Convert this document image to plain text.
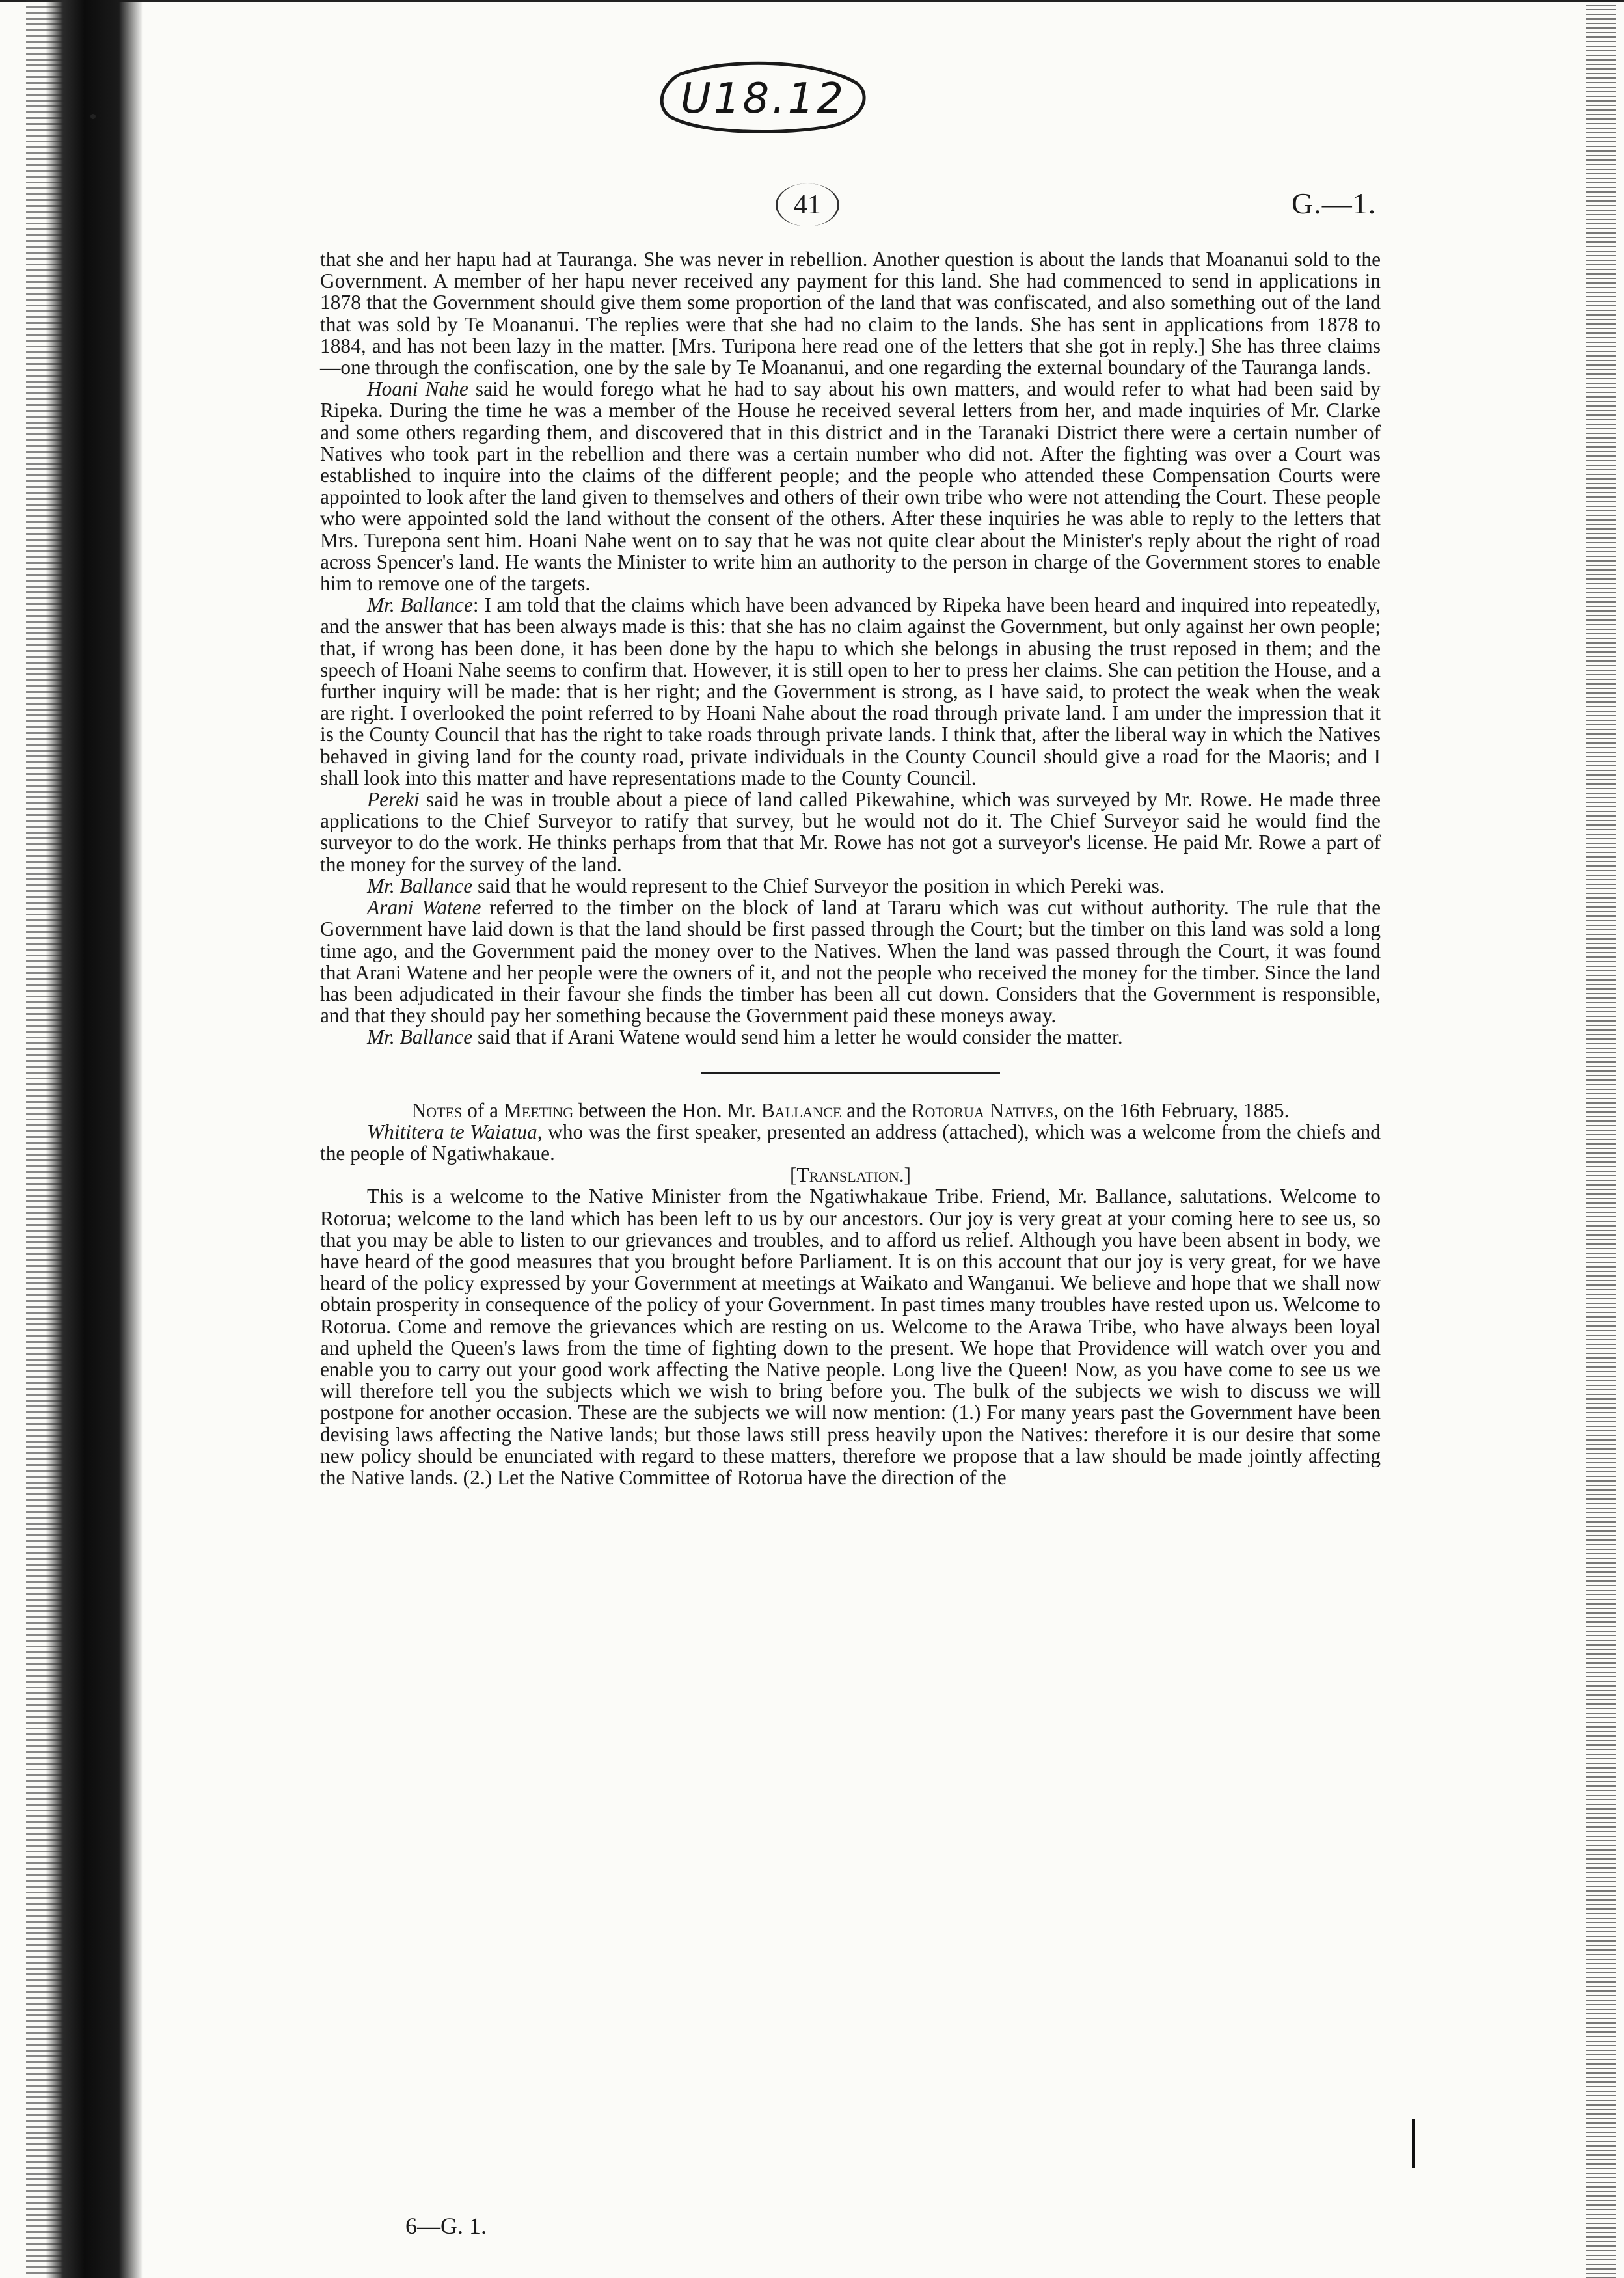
U18.12
41	G.—1.

that she and her hapu had at Tauranga. She was never in rebellion. Another question is about the lands that Moananui sold to the Government. A member of her hapu never received any payment for this land. She had commenced to send in applications in 1878 that the Government should give them some proportion of the land that was confiscated, and also something out of the land that was sold by Te Moananui. The replies were that she had no claim to the lands. She has sent in applications from 1878 to 1884, and has not been lazy in the matter. [Mrs. Turipona here read one of the letters that she got in reply.] She has three claims—one through the confiscation, one by the sale by Te Moananui, and one regarding the external boundary of the Tauranga lands.

Hoani Nahe said he would forego what he had to say about his own matters, and would refer to what had been said by Ripeka. During the time he was a member of the House he received several letters from her, and made inquiries of Mr. Clarke and some others regarding them, and discovered that in this district and in the Taranaki District there were a certain number of Natives who took part in the rebellion and there was a certain number who did not. After the fighting was over a Court was established to inquire into the claims of the different people; and the people who attended these Compensation Courts were appointed to look after the land given to themselves and others of their own tribe who were not attending the Court. These people who were appointed sold the land without the consent of the others. After these inquiries he was able to reply to the letters that Mrs. Turepona sent him. Hoani Nahe went on to say that he was not quite clear about the Minister's reply about the right of road across Spencer's land. He wants the Minister to write him an authority to the person in charge of the Government stores to enable him to remove one of the targets.

Mr. Ballance: I am told that the claims which have been advanced by Ripeka have been heard and inquired into repeatedly, and the answer that has been always made is this: that she has no claim against the Government, but only against her own people; that, if wrong has been done, it has been done by the hapu to which she belongs in abusing the trust reposed in them; and the speech of Hoani Nahe seems to confirm that. However, it is still open to her to press her claims. She can petition the House, and a further inquiry will be made: that is her right; and the Government is strong, as I have said, to protect the weak when the weak are right. I overlooked the point referred to by Hoani Nahe about the road through private land. I am under the impression that it is the County Council that has the right to take roads through private lands. I think that, after the liberal way in which the Natives behaved in giving land for the county road, private individuals in the County Council should give a road for the Maoris; and I shall look into this matter and have representations made to the County Council.

Pereki said he was in trouble about a piece of land called Pikewahine, which was surveyed by Mr. Rowe. He made three applications to the Chief Surveyor to ratify that survey, but he would not do it. The Chief Surveyor said he would find the surveyor to do the work. He thinks perhaps from that that Mr. Rowe has not got a surveyor's license. He paid Mr. Rowe a part of the money for the survey of the land.

Mr. Ballance said that he would represent to the Chief Surveyor the position in which Pereki was.

Arani Watene referred to the timber on the block of land at Tararu which was cut without authority. The rule that the Government have laid down is that the land should be first passed through the Court; but the timber on this land was sold a long time ago, and the Government paid the money over to the Natives. When the land was passed through the Court, it was found that Arani Watene and her people were the owners of it, and not the people who received the money for the timber. Since the land has been adjudicated in their favour she finds the timber has been all cut down. Considers that the Government is responsible, and that they should pay her something because the Government paid these moneys away.

Mr. Ballance said that if Arani Watene would send him a letter he would consider the matter.

Notes of a Meeting between the Hon. Mr. Ballance and the Rotorua Natives, on the 16th February, 1885.

Whititera te Waiatua, who was the first speaker, presented an address (attached), which was a welcome from the chiefs and the people of Ngatiwhakaue.

[Translation.]

This is a welcome to the Native Minister from the Ngatiwhakaue Tribe. Friend, Mr. Ballance, salutations. Welcome to Rotorua; welcome to the land which has been left to us by our ancestors. Our joy is very great at your coming here to see us, so that you may be able to listen to our grievances and troubles, and to afford us relief. Although you have been absent in body, we have heard of the good measures that you brought before Parliament. It is on this account that our joy is very great, for we have heard of the policy expressed by your Government at meetings at Waikato and Wanganui. We believe and hope that we shall now obtain prosperity in consequence of the policy of your Government. In past times many troubles have rested upon us. Welcome to Rotorua. Come and remove the grievances which are resting on us. Welcome to the Arawa Tribe, who have always been loyal and upheld the Queen's laws from the time of fighting down to the present. We hope that Providence will watch over you and enable you to carry out your good work affecting the Native people. Long live the Queen! Now, as you have come to see us we will therefore tell you the subjects which we wish to bring before you. The bulk of the subjects we wish to discuss we will postpone for another occasion. These are the subjects we will now mention: (1.) For many years past the Government have been devising laws affecting the Native lands; but those laws still press heavily upon the Natives: therefore it is our desire that some new policy should be enunciated with regard to these matters, therefore we propose that a law should be made jointly affecting the Native lands. (2.) Let the Native Committee of Rotorua have the direction of the

6—G. 1.
